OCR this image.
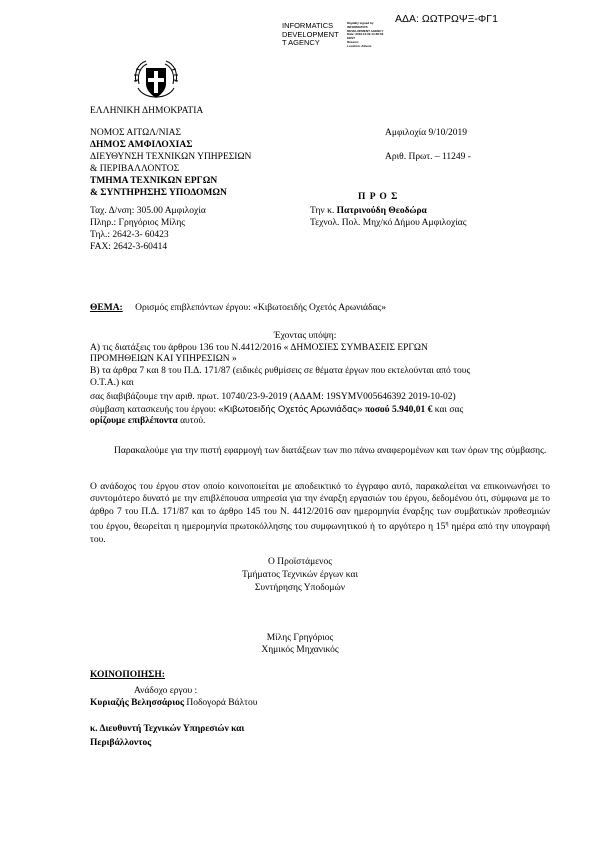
ΑΔΑ: ΩΩΤΡΩΨΞ-ΦΓ1
INFORMATICS
DEVELOPMENT
T AGENCY Digitally signed by
INFORMATICS
DEVELOPMENT AGENCY
Date: 2019.10.09 14:38:33
EEST
Reason:
Location: Athens
ΕΛΛΗΝΙΚΗ ΔΗΜΟΚΡΑΤΙΑ
ΝΟΜΟΣ ΑΙΤΩΛ/ΝΙΑΣ
ΔΗΜΟΣ ΑΜΦΙΛΟΧΙΑΣ
ΔΙΕΥΘΥΝΣΗ ΤΕΧΝΙΚΩΝ ΥΠΗΡΕΣΙΩΝ
& ΠΕΡΙΒΑΛΛΟΝΤΟΣ
ΤΜΗΜΑ ΤΕΧΝΙΚΩΝ ΕΡΓΩΝ
& ΣΥΝΤΗΡΗΣΗΣ ΥΠΟΔΟΜΩΝ
Ταχ. Δ/νση: 305.00 Αμφιλοχία
Πληρ.: Γρηγόριος Μίλης
Τηλ.: 2642-3- 60423
FAX: 2642-3-60414
Αμφιλοχία 9/10/2019
Αριθ. Πρωτ. – 11249 -
Π Ρ Ο Σ
Την κ. Πατρινούδη Θεοδώρα
Τεχνολ. Πολ. Μηχ/κό Δήμου Αμφιλοχίας
ΘΕΜΑ: Ορισμός επιβλεπόντων έργου: «Κιβωτοειδής Οχετός Αρωνιάδας»
Έχοντας υπόψη:
Α) τις διατάξεις του άρθρου 136 του Ν.4412/2016 « ΔΗΜΟΣΙΕΣ ΣΥΜΒΑΣΕΙΣ ΕΡΓΩΝ
ΠΡΟΜΗΘΕΙΩΝ ΚΑΙ ΥΠΗΡΕΣΙΩΝ »
Β) τα άρθρα 7 και 8 του Π.Δ. 171/87 (ειδικές ρυθμίσεις σε θέματα έργων που εκτελούνται από τους
Ο.Τ.Α.) και
σας διαβιβάζουμε την αριθ. πρωτ. 10740/23-9-2019 (ΑΔΑΜ: 19SYMV005646392 2019-10-02)
σύμβαση κατασκευής του έργου: «Κιβωτοειδής Οχετός Αρωνιάδας» ποσού 5.940,01 € και σας
ορίζουμε επιβλέποντα αυτού.
Παρακαλούμε για την πιστή εφαρμογή των διατάξεων των πιο πάνω αναφερομένων και των όρων της σύμβασης.
Ο ανάδοχος του έργου στον οποίο κοινοποιείται με αποδεικτικό το έγγραφο αυτό, παρακαλείται να επικοινωνήσει το συντομότερο δυνατό με την επιβλέπουσα υπηρεσία για την έναρξη εργασιών του έργου, δεδομένου ότι, σύμφωνα με το άρθρο 7 του Π.Δ. 171/87 και το άρθρο 145 του Ν. 4412/2016 σαν ημερομηνία έναρξης των συμβατικών προθεσμιών του έργου, θεωρείται η ημερομηνία πρωτοκόλλησης του συμφωνητικού ή το αργότερο η $15^\eta$ ημέρα από την υπογραφή του.
Ο Προϊστάμενος
Τμήματος Τεχνικών έργων και
Συντήρησης Υποδομών
Μίλης Γρηγόριος
Χημικός Μηχανικός
ΚΟΙΝΟΠΟΙΗΣΗ:
Ανάδοχο εργου :
Κυριαζής Βελησσάριος Ποδογορά Βάλτου
κ. Διευθυντή Τεχνικών Υπηρεσιών και
Περιβάλλοντος
